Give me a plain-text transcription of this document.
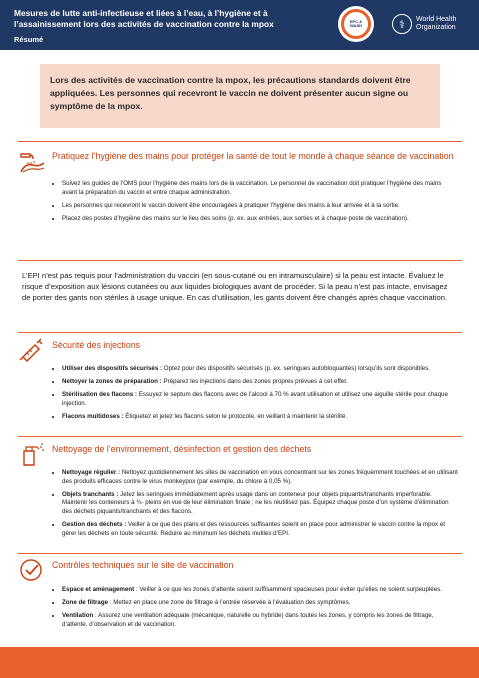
Mesures de lutte anti-infectieuse et liées à l’eau, à l’hygiène et à l’assainissement lors des activités de vaccination contre la mpox
Résumé
EPC & WASH	⚕	World Health
Organization
Lors des activités de vaccination contre la mpox, les précautions standards doivent être appliquées. Les personnes qui recevront le vaccin ne doivent présenter aucun signe ou symptôme de la mpox.
Pratiquez l’hygiène des mains pour protéger la santé de tout le monde à chaque séance de vaccination
• Suivez les guides de l’OMS pour l’hygiène des mains lors de la vaccination. Le personnel de vaccination doit pratiquer l’hygiène des mains avant la préparation du vaccin et entre chaque administration.
• Les personnes qui recevront le vaccin doivent être encouragées à pratiquer l’hygiène des mains à leur arrivée et à la sortie.
• Placez des postes d’hygiène des mains sur le lieu des soins (p. ex. aux entrées, aux sorties et à chaque poste de vaccination).
L’EPI n’est pas requis pour l’administration du vaccin (en sous-cutané ou en intramusculaire) si la peau est intacte. Évaluez le risque d’exposition aux lésions cutanées ou aux liquides biologiques avant de procéder. Si la peau n’est pas intacte, envisagez de porter des gants non stériles à usage unique. En cas d’utilisation, les gants doivent être changés après chaque vaccination.
Sécurité des injections
• Utiliser des dispositifs sécurisés : Optez pour des dispositifs sécurisés (p. ex. seringues autobloquantes) lorsqu’ils sont disponibles.
• Nettoyer la zones de préparation : Préparez les injections dans des zones propres prévues à cet effet.
• Stérilisation des flacons : Essuyez le septum des flacons avec de l’alcool à 70 % avant utilisation et utilisez une aiguille stérile pour chaque injection.
• Flacons multidoses : Étiquetez et jetez les flacons selon le protocole, en veillant à maintenir la stérilité.
Nettoyage de l’environnement, désinfection et gestion des déchets
• Nettoyage régulier : Nettoyez quotidiennement les sites de vaccination en vous concentrant sur les zones fréquemment touchées et en utilisant des produits efficaces contre le virus monkeypox (par exemple, du chlore à 0,05 %).
• Objets tranchants : Jetez les seringues immédiatement après usage dans un conteneur pour objets piquants/tranchants imperforable. Maintenir les conteneurs à ¾- pleins en vue de leur élimination finale ; ne les réutilisez pas. Équipez chaque poste d’un système d’élimination des déchets piquants/tranchants et des flacons.
• Gestion des déchets : Veiller à ce que des plans et des ressources suffisantes soient en place pour administrer le vaccin contre la mpox et gérer les déchets en toute sécurité. Réduire au minimum les déchets inutiles d’EPI.
Contrôles techniques sur le site de vaccination
• Espace et aménagement : Veiller à ce que les zones d’attente soient suffisamment spacieuses pour éviter qu’elles ne soient surpeuplées.
• Zone de filtrage : Mettez en place une zone de filtrage à l’entrée réservée à l’évaluation des symptômes.
• Ventilation : Assurez une ventilation adéquate (mécanique, naturelle ou hybride) dans toutes les zones, y compris les zones de filtrage, d’attente, d’observation et de vaccination.
